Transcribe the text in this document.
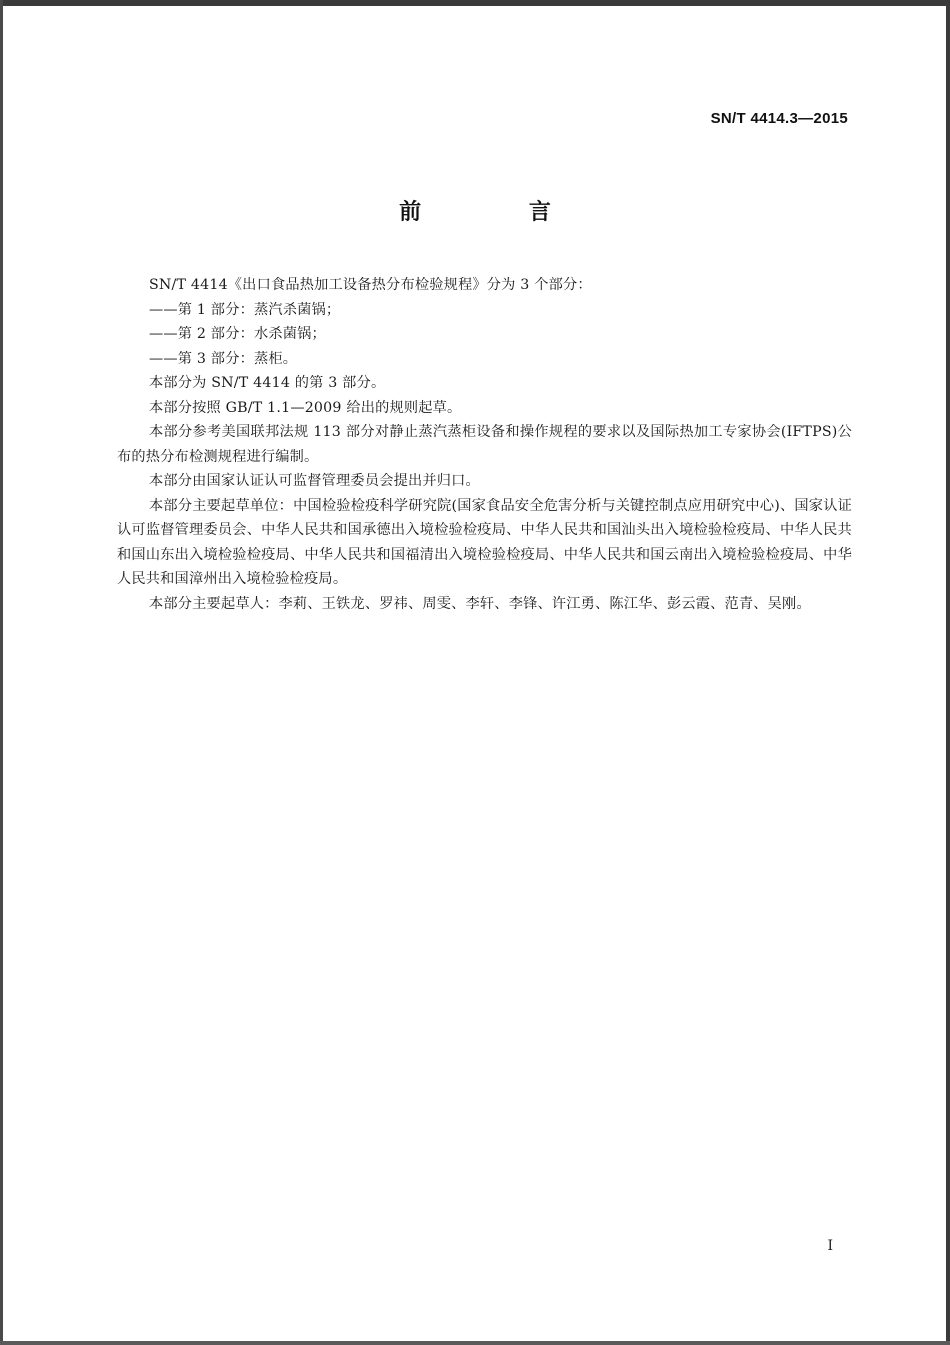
SN/T 4414.3—2015
前 言

SN/T 4414《出口食品热加工设备热分布检验规程》分为 3 个部分：

——第 1 部分：蒸汽杀菌锅；

——第 2 部分：水杀菌锅；

——第 3 部分：蒸柜。

本部分为 SN/T 4414 的第 3 部分。

本部分按照 GB/T 1.1—2009 给出的规则起草。

本部分参考美国联邦法规 113 部分对静止蒸汽蒸柜设备和操作规程的要求以及国际热加工专家协会(IFTPS)公布的热分布检测规程进行编制。

本部分由国家认证认可监督管理委员会提出并归口。

本部分主要起草单位：中国检验检疫科学研究院(国家食品安全危害分析与关键控制点应用研究中心)、国家认证认可监督管理委员会、中华人民共和国承德出入境检验检疫局、中华人民共和国汕头出入境检验检疫局、中华人民共和国山东出入境检验检疫局、中华人民共和国福清出入境检验检疫局、中华人民共和国云南出入境检验检疫局、中华人民共和国漳州出入境检验检疫局。

本部分主要起草人：李莉、王铁龙、罗祎、周雯、李轩、李锋、许江勇、陈江华、彭云霞、范青、吴刚。

I
